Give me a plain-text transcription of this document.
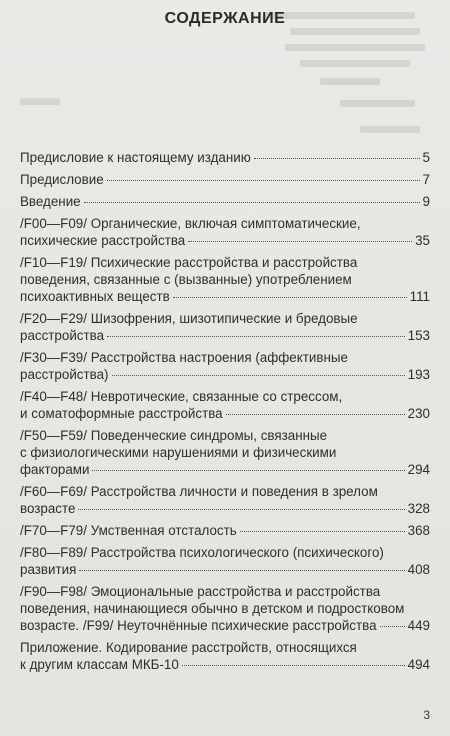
СОДЕРЖАНИЕ
Предисловие к настоящему изданию	5
Предисловие	7
Введение	9
/F00—F09/ Органические, включая симптоматические,
психические расстройства	35
/F10—F19/ Психические расстройства и расстройства
поведения, связанные с (вызванные) употреблением
психоактивных веществ	111
/F20—F29/ Шизофрения, шизотипические и бредовые
расстройства	153
/F30—F39/ Расстройства настроения (аффективные
расстройства)	193
/F40—F48/ Невротические, связанные со стрессом,
и соматоформные расстройства	230
/F50—F59/ Поведенческие синдромы, связанные
с физиологическими нарушениями и физическими
факторами	294
/F60—F69/ Расстройства личности и поведения в зрелом
возрасте	328
/F70—F79/ Умственная отсталость	368
/F80—F89/ Расстройства психологического (психического)
развития	408
/F90—F98/ Эмоциональные расстройства и расстройства
поведения, начинающиеся обычно в детском и подростковом
возрасте. /F99/ Неуточнённые психические расстройства 449
Приложение. Кодирование расстройств, относящихся
к другим классам МКБ-10	494
3
